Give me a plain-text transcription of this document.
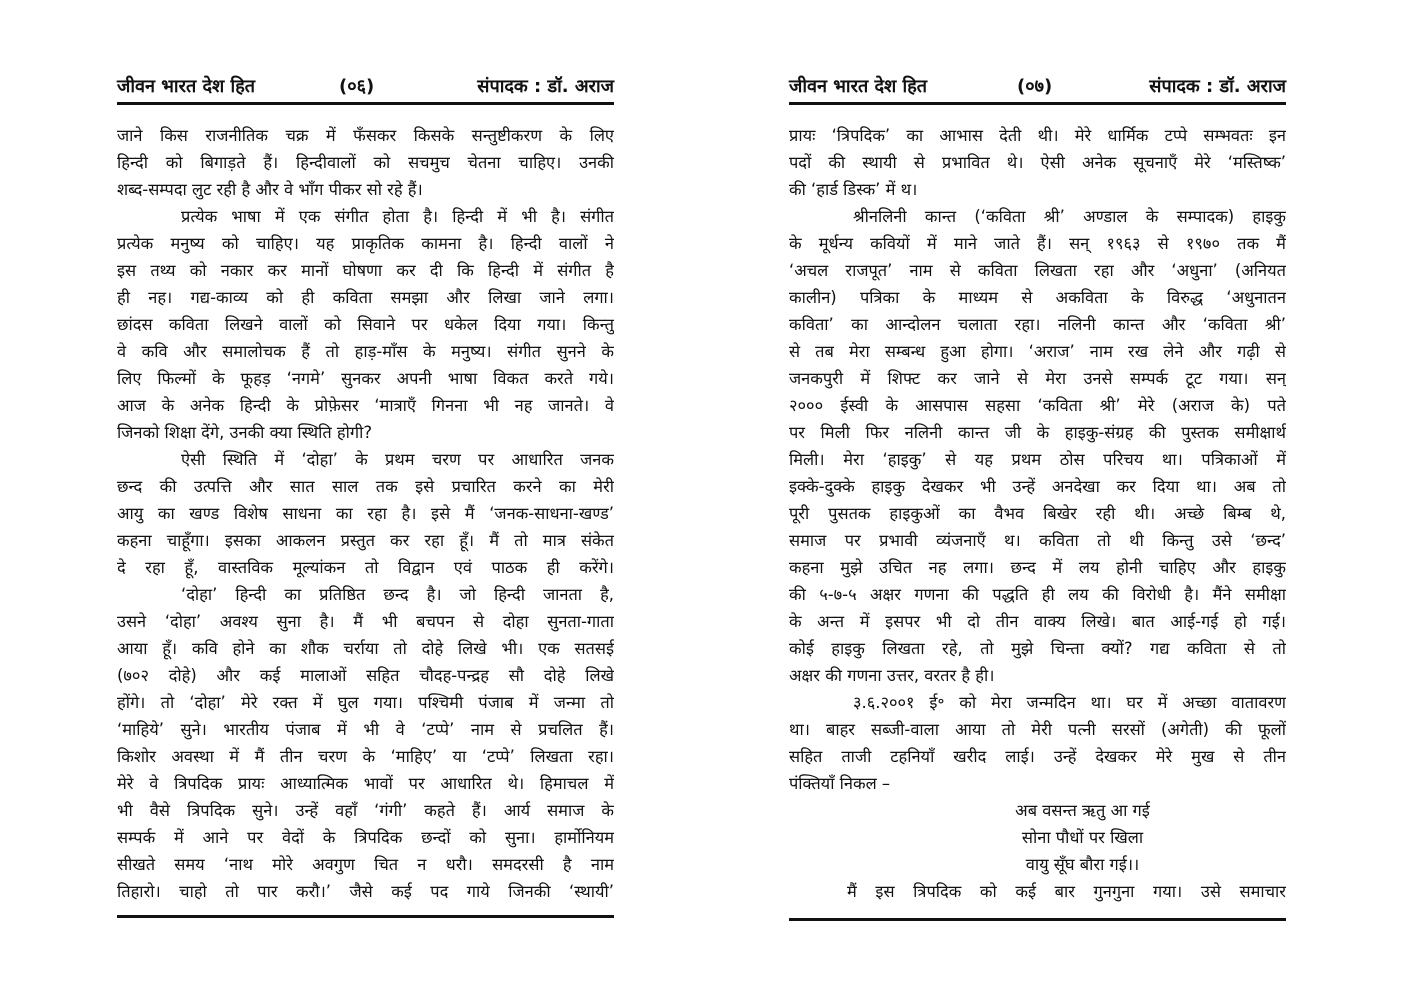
जीवन भारत देश हित	(०६)	संपादक : डॉ. अराज
जाने किस राजनीतिक चक्र में फँसकर किसके सन्तुष्टीकरण के लिए
हिन्दी को बिगाड़ते हैं। हिन्दीवालों को सचमुच चेतना चाहिए। उनकी
शब्द-सम्पदा लुट रही है और वे भाँग पीकर सो रहे हैं।
प्रत्येक भाषा में एक संगीत होता है। हिन्दी में भी है। संगीत
प्रत्येक मनुष्य को चाहिए। यह प्राकृतिक कामना है। हिन्दी वालों ने
इस तथ्य को नकार कर मानों घोषणा कर दी कि हिन्दी में संगीत है
ही नह। गद्य-काव्य को ही कविता समझा और लिखा जाने लगा।
छांदस कविता लिखने वालों को सिवाने पर धकेल दिया गया। किन्तु
वे कवि और समालोचक हैं तो हाड़-माँस के मनुष्य। संगीत सुनने के
लिए फिल्मों के फूहड़ ‘नगमे’ सुनकर अपनी भाषा विकत करते गये।
आज के अनेक हिन्दी के प्रोफ़ेसर ‘मात्राएँ गिनना भी नह जानते। वे
जिनको शिक्षा देंगे, उनकी क्या स्थिति होगी?
ऐसी स्थिति में ‘दोहा’ के प्रथम चरण पर आधारित जनक
छन्द की उत्पत्ति और सात साल तक इसे प्रचारित करने का मेरी
आयु का खण्ड विशेष साधना का रहा है। इसे मैं ‘जनक-साधना-खण्ड’
कहना चाहूँगा। इसका आकलन प्रस्तुत कर रहा हूँ। मैं तो मात्र संकेत
दे रहा हूँ, वास्तविक मूल्यांकन तो विद्वान एवं पाठक ही करेंगे।
‘दोहा’ हिन्दी का प्रतिष्ठित छन्द है। जो हिन्दी जानता है,
उसने ‘दोहा’ अवश्य सुना है। मैं भी बचपन से दोहा सुनता-गाता
आया हूँ। कवि होने का शौक चर्राया तो दोहे लिखे भी। एक सतसई
(७०२ दोहे) और कई मालाओं सहित चौदह-पन्द्रह सौ दोहे लिखे
होंगे। तो ‘दोहा’ मेरे रक्त में घुल गया। पश्चिमी पंजाब में जन्मा तो
‘माहिये’ सुने। भारतीय पंजाब में भी वे ‘टप्पे’ नाम से प्रचलित हैं।
किशोर अवस्था में मैं तीन चरण के ‘माहिए’ या ‘टप्पे’ लिखता रहा।
मेरे वे त्रिपदिक प्रायः आध्यात्मिक भावों पर आधारित थे। हिमाचल में
भी वैसे त्रिपदिक सुने। उन्हें वहाँ ‘गंगी’ कहते हैं। आर्य समाज के
सम्पर्क में आने पर वेदों के त्रिपदिक छन्दों को सुना। हार्मोनियम
सीखते समय ‘नाथ मोरे अवगुण चित न धरौ। समदरसी है नाम
तिहारो। चाहो तो पार करौ।’ जैसे कई पद गाये जिनकी ‘स्थायी’
जीवन भारत देश हित	(०७)	संपादक : डॉ. अराज
प्रायः ‘त्रिपदिक’ का आभास देती थी। मेरे धार्मिक टप्पे सम्भवतः इन
पदों की स्थायी से प्रभावित थे। ऐसी अनेक सूचनाएँ मेरे ‘मस्तिष्क’
की ‘हार्ड डिस्क’ में थ।
श्रीनलिनी कान्त (‘कविता श्री’ अण्डाल के सम्पादक) हाइकु
के मूर्धन्य कवियों में माने जाते हैं। सन् १९६३ से १९७० तक मैं
‘अचल राजपूत’ नाम से कविता लिखता रहा और ‘अधुना’ (अनियत
कालीन) पत्रिका के माध्यम से अकविता के विरुद्ध ‘अधुनातन
कविता’ का आन्दोलन चलाता रहा। नलिनी कान्त और ‘कविता श्री’
से तब मेरा सम्बन्ध हुआ होगा। ‘अराज’ नाम रख लेने और गढ़ी से
जनकपुरी में शिफ्ट कर जाने से मेरा उनसे सम्पर्क टूट गया। सन्
२००० ईस्वी के आसपास सहसा ‘कविता श्री’ मेरे (अराज के) पते
पर मिली फिर नलिनी कान्त जी के हाइकु-संग्रह की पुस्तक समीक्षार्थ
मिली। मेरा ‘हाइकु’ से यह प्रथम ठोस परिचय था। पत्रिकाओं में
इक्के-दुक्के हाइकु देखकर भी उन्हें अनदेखा कर दिया था। अब तो
पूरी पुसतक हाइकुओं का वैभव बिखेर रही थी। अच्छे बिम्ब थे,
समाज पर प्रभावी व्यंजनाएँ थ। कविता तो थी किन्तु उसे ‘छन्द’
कहना मुझे उचित नह लगा। छन्द में लय होनी चाहिए और हाइकु
की ५-७-५ अक्षर गणना की पद्धति ही लय की विरोधी है। मैंने समीक्षा
के अन्त में इसपर भी दो तीन वाक्य लिखे। बात आई-गई हो गई।
कोई हाइकु लिखता रहे, तो मुझे चिन्ता क्यों? गद्य कविता से तो
अक्षर की गणना उत्तर, वरतर है ही।
३.६.२००१ ई॰ को मेरा जन्मदिन था। घर में अच्छा वातावरण
था। बाहर सब्जी-वाला आया तो मेरी पत्नी सरसों (अगेती) की फूलों
सहित ताजी टहनियाँ खरीद लाई। उन्हें देखकर मेरे मुख से तीन
पंक्तियाँ निकल –
अब वसन्त ऋतु आ गई
सोना पौधों पर खिला
वायु सूँघ बौरा गई।।
मैं इस त्रिपदिक को कई बार गुनगुना गया। उसे समाचार
